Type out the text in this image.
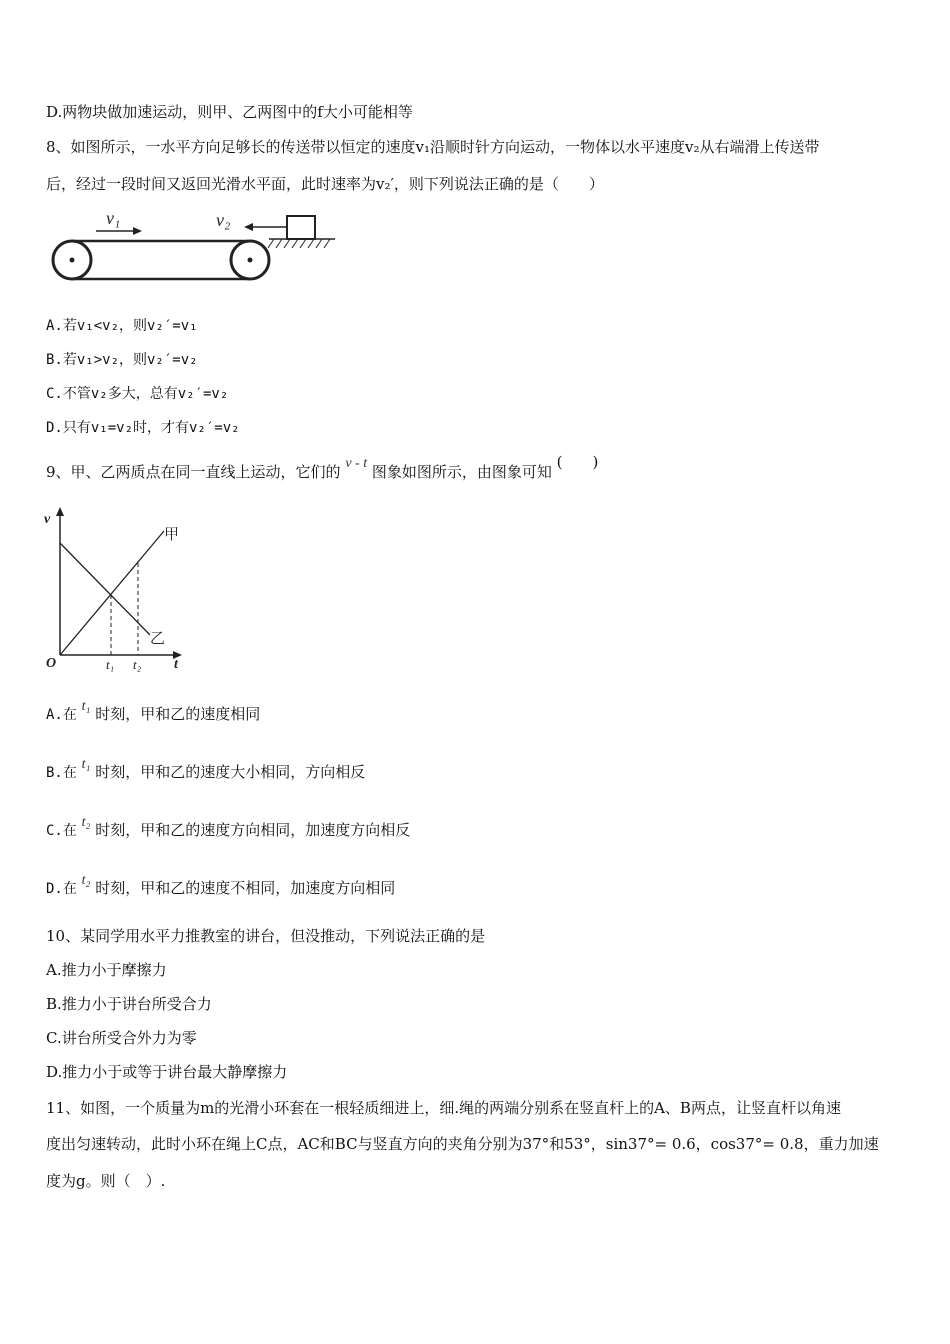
D.两物块做加速运动，则甲、乙两图中的f大小可能相等
8、如图所示，一水平方向足够长的传送带以恒定的速度v₁沿顺时针方向运动，一物体以水平速度v₂从右端滑上传送带
后，经过一段时间又返回光滑水平面，此时速率为v₂′，则下列说法正确的是（　　）
v₁	v₂
A.若v₁<v₂，则v₂′=v₁
B.若v₁>v₂，则v₂′=v₂
C.不管v₂多大，总有v₂′=v₂
D.只有v₁=v₂时，才有v₂′=v₂
9、甲、乙两质点在同一直线上运动，它们的 v - t 图象如图所示，由图象可知 (　　)
v
t
O
甲
乙
t₁ t₂
A.在 t₁ 时刻，甲和乙的速度相同
B.在 t₁ 时刻，甲和乙的速度大小相同，方向相反
C.在 t₂ 时刻，甲和乙的速度方向相同，加速度方向相反
D.在 t₂ 时刻，甲和乙的速度不相同，加速度方向相同
10、某同学用水平力推教室的讲台，但没推动，下列说法正确的是
A.推力小于摩擦力
B.推力小于讲台所受合力
C.讲台所受合外力为零
D.推力小于或等于讲台最大静摩擦力
11、如图，一个质量为m的光滑小环套在一根轻质细进上，细.绳的两端分别系在竖直杆上的A、B两点，让竖直杆以角速
度出匀速转动，此时小环在绳上C点，AC和BC与竖直方向的夹角分别为37°和53°，sin37°= 0.6，cos37°= 0.8，重力加速
度为g。则（　）.
